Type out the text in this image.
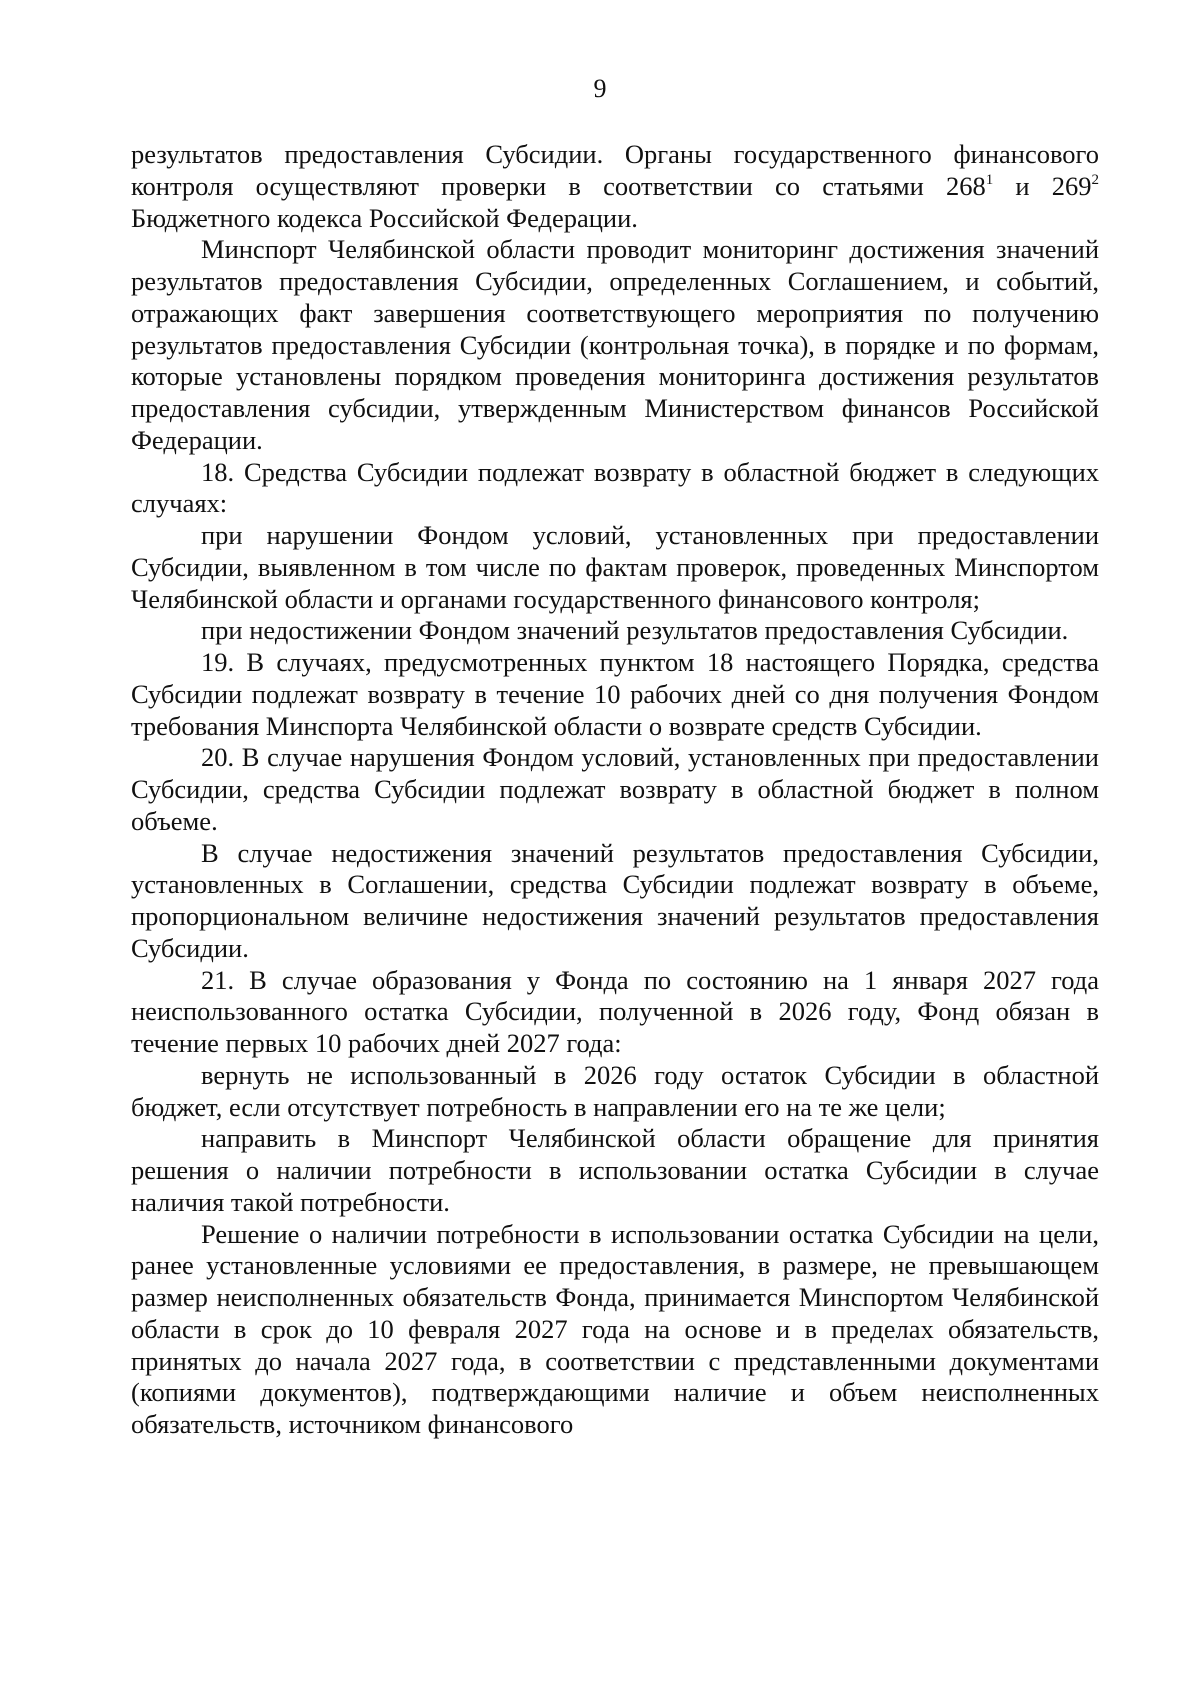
9

результатов предоставления Субсидии. Органы государственного финансового контроля осуществляют проверки в соответствии со статьями $268^1$ и $269^2$ Бюджетного кодекса Российской Федерации.

Минспорт Челябинской области проводит мониторинг достижения значений результатов предоставления Субсидии, определенных Соглашением, и событий, отражающих факт завершения соответствующего мероприятия по получению результатов предоставления Субсидии (контрольная точка), в порядке и по формам, которые установлены порядком проведения мониторинга достижения результатов предоставления субсидии, утвержденным Министерством финансов Российской Федерации.

18. Средства Субсидии подлежат возврату в областной бюджет в следующих случаях:

при нарушении Фондом условий, установленных при предоставлении Субсидии, выявленном в том числе по фактам проверок, проведенных Минспортом Челябинской области и органами государственного финансового контроля;

при недостижении Фондом значений результатов предоставления Субсидии.

19. В случаях, предусмотренных пунктом 18 настоящего Порядка, средства Субсидии подлежат возврату в течение 10 рабочих дней со дня получения Фондом требования Минспорта Челябинской области о возврате средств Субсидии.

20. В случае нарушения Фондом условий, установленных при предоставлении Субсидии, средства Субсидии подлежат возврату в областной бюджет в полном объеме.

В случае недостижения значений результатов предоставления Субсидии, установленных в Соглашении, средства Субсидии подлежат возврату в объеме, пропорциональном величине недостижения значений результатов предоставления Субсидии.

21. В случае образования у Фонда по состоянию на 1 января 2027 года неиспользованного остатка Субсидии, полученной в 2026 году, Фонд обязан в течение первых 10 рабочих дней 2027 года:

вернуть не использованный в 2026 году остаток Субсидии в областной бюджет, если отсутствует потребность в направлении его на те же цели;

направить в Минспорт Челябинской области обращение для принятия решения о наличии потребности в использовании остатка Субсидии в случае наличия такой потребности.

Решение о наличии потребности в использовании остатка Субсидии на цели, ранее установленные условиями ее предоставления, в размере, не превышающем размер неисполненных обязательств Фонда, принимается Минспортом Челябинской области в срок до 10 февраля 2027 года на основе и в пределах обязательств, принятых до начала 2027 года, в соответствии с представленными документами (копиями документов), подтверждающими наличие и объем неисполненных обязательств, источником финансового
